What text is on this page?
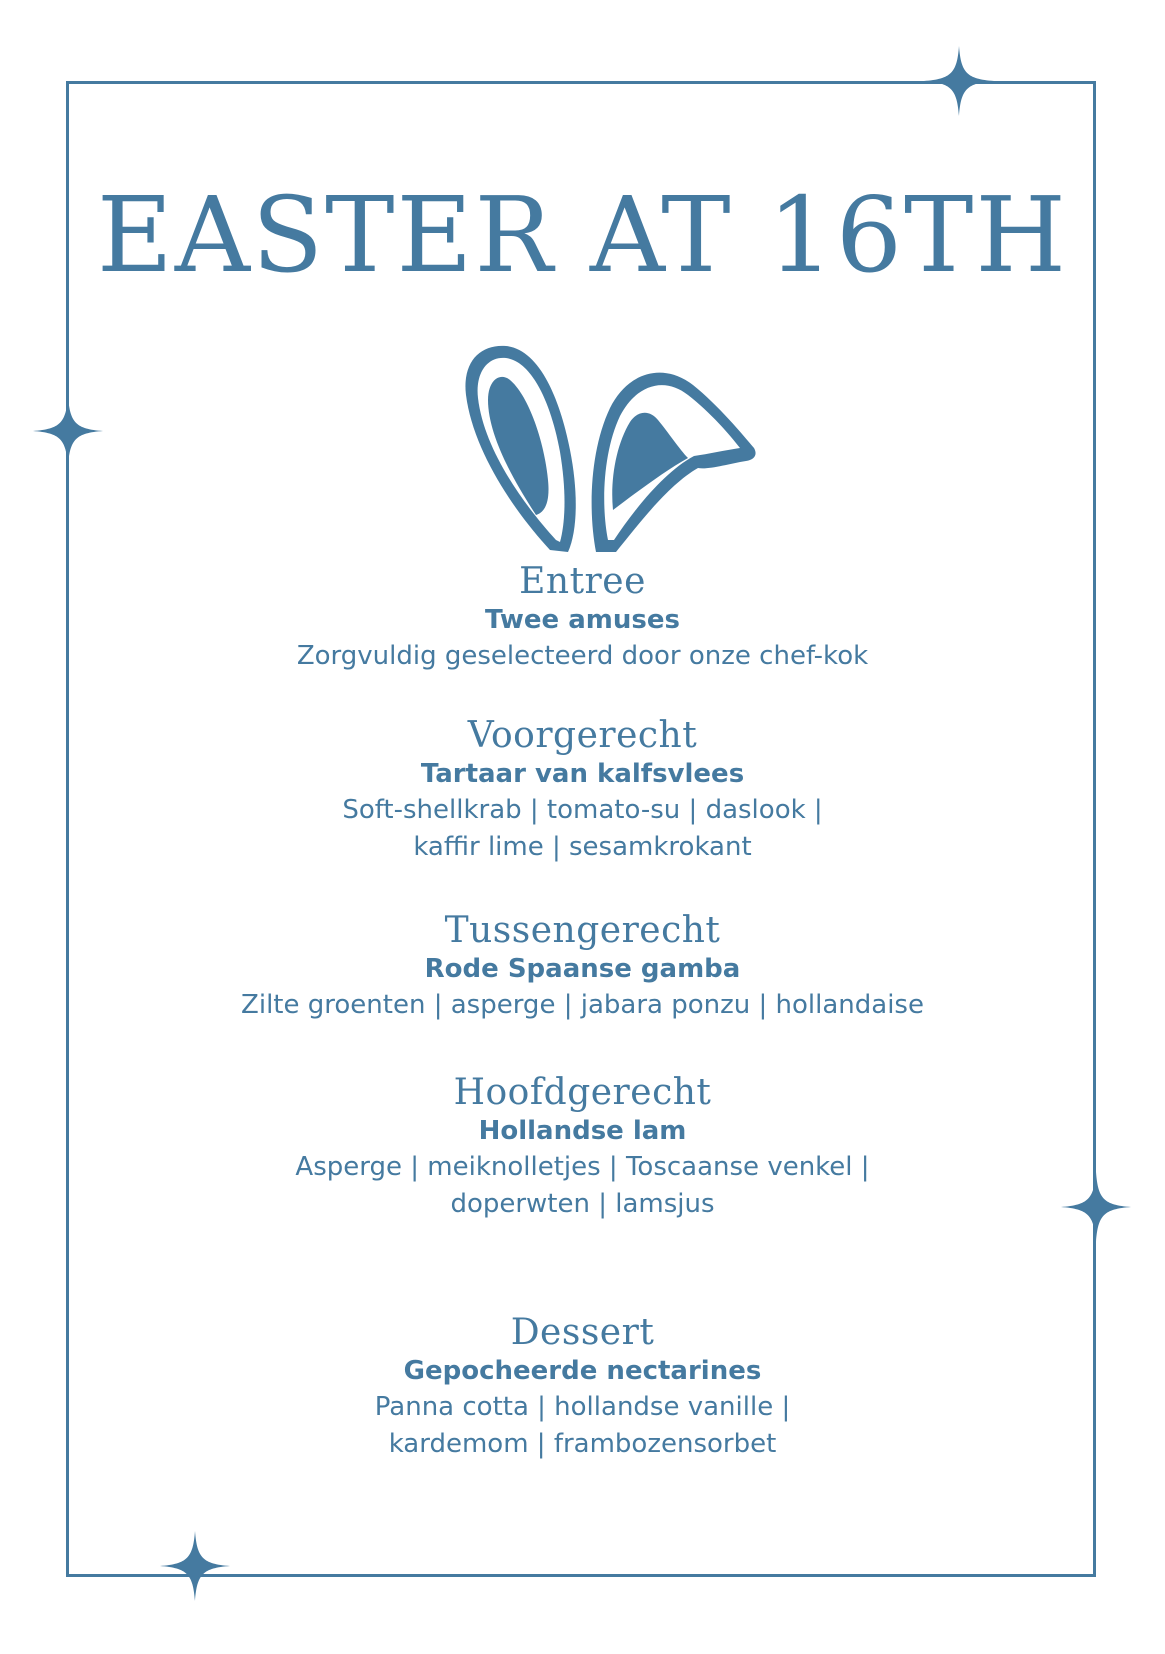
EASTER AT 16TH

Entree

Twee amuses

Zorgvuldig geselecteerd door onze chef-kok

Voorgerecht

Tartaar van kalfsvlees

Soft-shellkrab | tomato-su | daslook |

kaffir lime | sesamkrokant

Tussengerecht

Rode Spaanse gamba

Zilte groenten | asperge | jabara ponzu | hollandaise

Hoofdgerecht

Hollandse lam

Asperge | meiknolletjes | Toscaanse venkel |

doperwten | lamsjus

Dessert

Gepocheerde nectarines

Panna cotta | hollandse vanille |

kardemom | frambozensorbet
